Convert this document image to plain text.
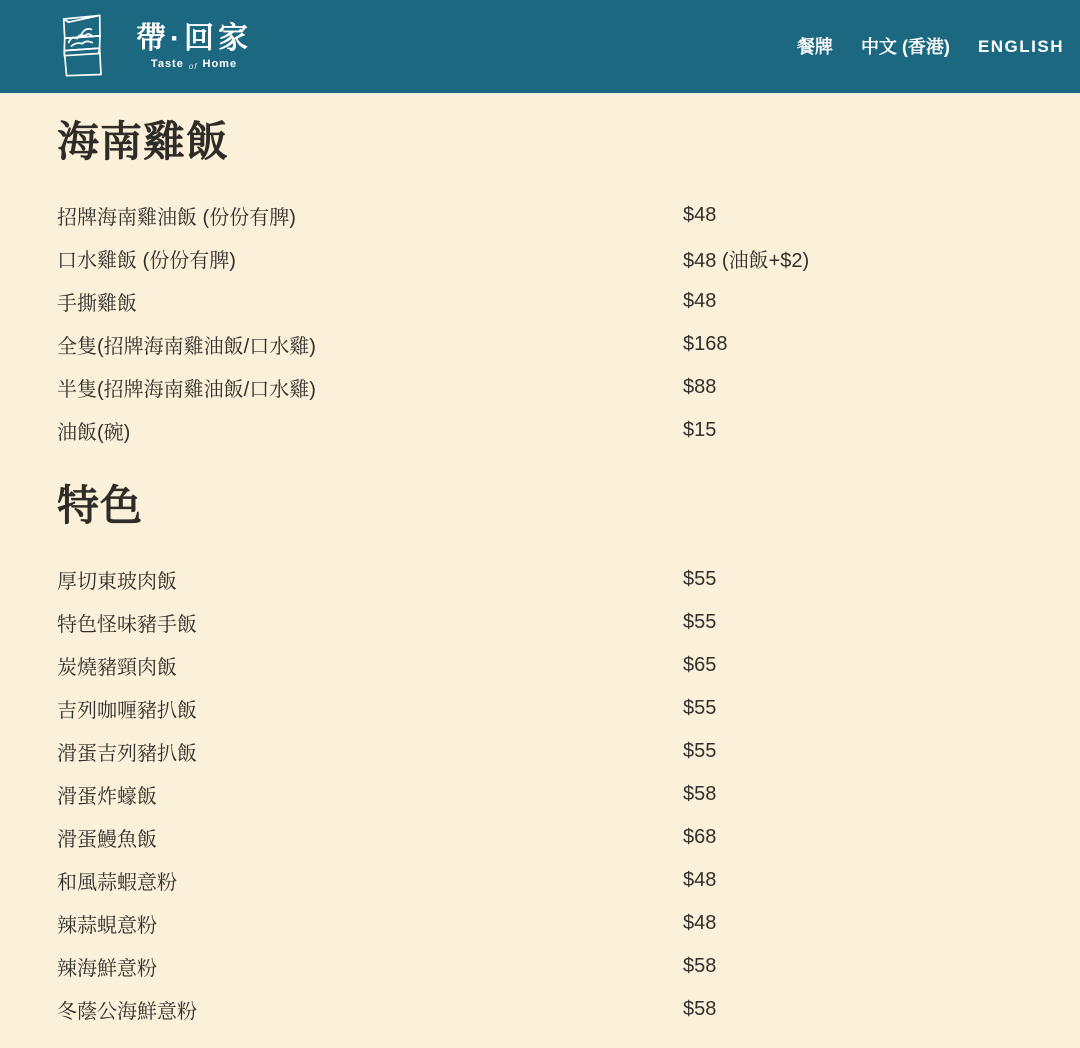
帶·回家
Taste of Home
餐牌 中文 (香港) ENGLISH
海南雞飯
招牌海南雞油飯 (份份有脾)	$48
口水雞飯 (份份有脾)	$48 (油飯+$2)
手撕雞飯	$48
全隻(招牌海南雞油飯/口水雞)	$168
半隻(招牌海南雞油飯/口水雞)	$88
油飯(碗)	$15
特色
厚切東玻肉飯	$55
特色怪味豬手飯	$55
炭燒豬頸肉飯	$65
吉列咖喱豬扒飯	$55
滑蛋吉列豬扒飯	$55
滑蛋炸蠔飯	$58
滑蛋鰻魚飯	$68
和風蒜蝦意粉	$48
辣蒜蜆意粉	$48
辣海鮮意粉	$58
冬蔭公海鮮意粉	$58
